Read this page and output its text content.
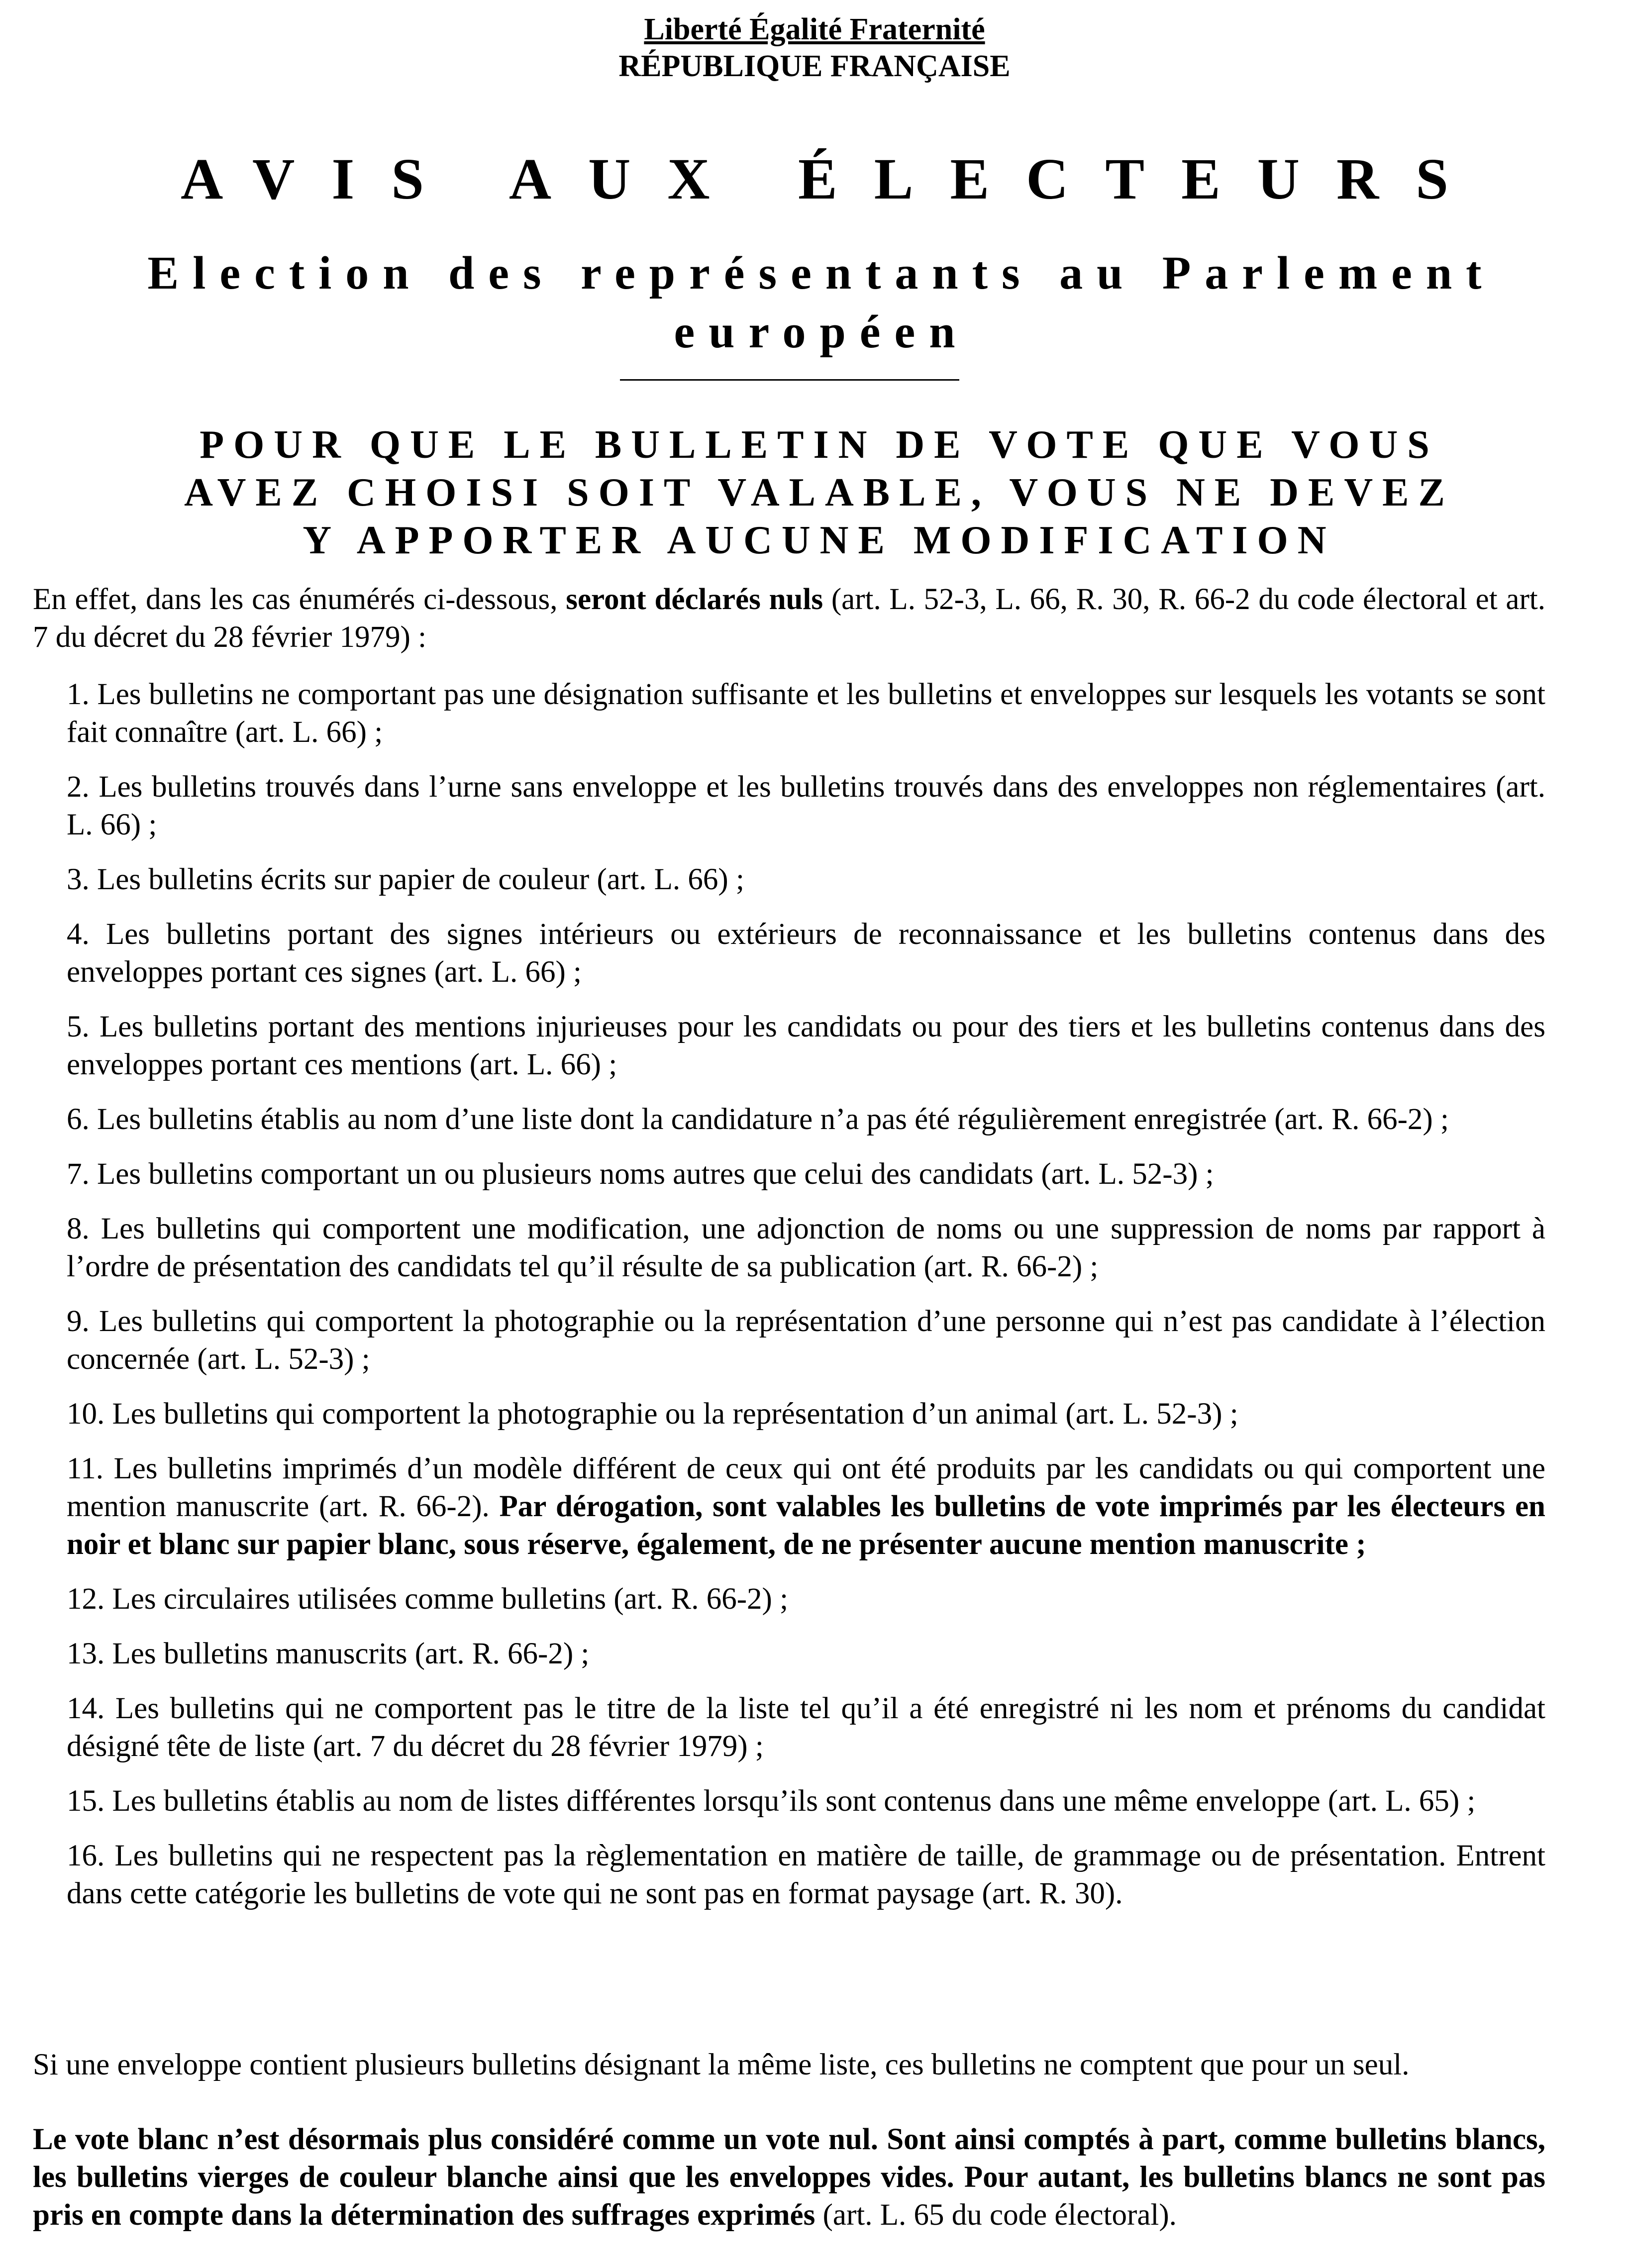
Liberté Égalité Fraternité
RÉPUBLIQUE FRANÇAISE
AVIS AUX ÉLECTEURS
Election des représentants au Parlement
européen
POUR QUE LE BULLETIN DE VOTE QUE VOUS
AVEZ CHOISI SOIT VALABLE, VOUS NE DEVEZ
Y APPORTER AUCUNE MODIFICATION

En effet, dans les cas énumérés ci-dessous, seront déclarés nuls (art. L. 52-3, L. 66, R. 30, R. 66-2 du code électoral et art. 7 du décret du 28 février 1979) :

1. Les bulletins ne comportant pas une désignation suffisante et les bulletins et enveloppes sur lesquels les votants se sont fait connaître (art. L. 66) ;
2. Les bulletins trouvés dans l’urne sans enveloppe et les bulletins trouvés dans des enveloppes non réglementaires (art. L. 66) ;
3. Les bulletins écrits sur papier de couleur (art. L. 66) ;
4. Les bulletins portant des signes intérieurs ou extérieurs de reconnaissance et les bulletins contenus dans des enveloppes portant ces signes (art. L. 66) ;
5. Les bulletins portant des mentions injurieuses pour les candidats ou pour des tiers et les bulletins contenus dans des enveloppes portant ces mentions (art. L. 66) ;
6. Les bulletins établis au nom d’une liste dont la candidature n’a pas été régulièrement enregistrée (art. R. 66-2) ;
7. Les bulletins comportant un ou plusieurs noms autres que celui des candidats (art. L. 52-3) ;
8. Les bulletins qui comportent une modification, une adjonction de noms ou une suppression de noms par rapport à l’ordre de présentation des candidats tel qu’il résulte de sa publication (art. R. 66-2) ;
9. Les bulletins qui comportent la photographie ou la représentation d’une personne qui n’est pas candidate à l’élection concernée (art. L. 52-3) ;
10. Les bulletins qui comportent la photographie ou la représentation d’un animal (art. L. 52-3) ;
11. Les bulletins imprimés d’un modèle différent de ceux qui ont été produits par les candidats ou qui comportent une mention manuscrite (art. R. 66-2). Par dérogation, sont valables les bulletins de vote imprimés par les électeurs en noir et blanc sur papier blanc, sous réserve, également, de ne présenter aucune mention manuscrite ;
12. Les circulaires utilisées comme bulletins (art. R. 66-2) ;
13. Les bulletins manuscrits (art. R. 66-2) ;
14. Les bulletins qui ne comportent pas le titre de la liste tel qu’il a été enregistré ni les nom et prénoms du candidat désigné tête de liste (art. 7 du décret du 28 février 1979) ;
15. Les bulletins établis au nom de listes différentes lorsqu’ils sont contenus dans une même enveloppe (art. L. 65) ;
16. Les bulletins qui ne respectent pas la règlementation en matière de taille, de grammage ou de présentation. Entrent dans cette catégorie les bulletins de vote qui ne sont pas en format paysage (art. R. 30).

Si une enveloppe contient plusieurs bulletins désignant la même liste, ces bulletins ne comptent que pour un seul.

Le vote blanc n’est désormais plus considéré comme un vote nul. Sont ainsi comptés à part, comme bulletins blancs, les bulletins vierges de couleur blanche ainsi que les enveloppes vides. Pour autant, les bulletins blancs ne sont pas pris en compte dans la détermination des suffrages exprimés (art. L. 65 du code électoral).
